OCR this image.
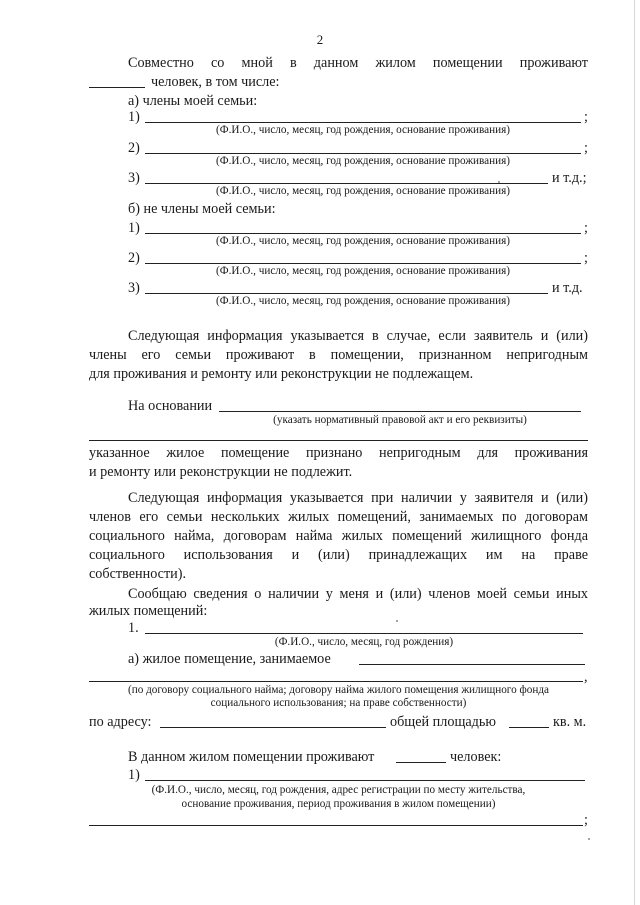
2
Совместно со мной в данном жилом помещении проживают
человек, в том числе:
а) члены моей семьи:
1)	;
(Ф.И.О., число, месяц, год рождения, основание проживания)
2)	;
(Ф.И.О., число, месяц, год рождения, основание проживания)
3)	и т.д.;
(Ф.И.О., число, месяц, год рождения, основание проживания)
б) не члены моей семьи:
1)	;
(Ф.И.О., число, месяц, год рождения, основание проживания)
2)	;
(Ф.И.О., число, месяц, год рождения, основание проживания)
3)	и т.д.
(Ф.И.О., число, месяц, год рождения, основание проживания)
Следующая информация указывается в случае, если заявитель и (или)
члены его семьи проживают в помещении, признанном непригодным
для проживания и ремонту или реконструкции не подлежащем.
На основании
(указать нормативный правовой акт и его реквизиты)
указанное жилое помещение признано непригодным для проживания
и ремонту или реконструкции не подлежит.
Следующая информация указывается при наличии у заявителя и (или)
членов его семьи нескольких жилых помещений, занимаемых по договорам
социального найма, договорам найма жилых помещений жилищного фонда
социального использования и (или) принадлежащих им на праве
собственности).
Сообщаю сведения о наличии у меня и (или) членов моей семьи иных
жилых помещений:
1.
(Ф.И.О., число, месяц, год рождения)
а) жилое помещение, занимаемое
,
(по договору социального найма; договору найма жилого помещения жилищного фонда
социального использования; на праве собственности)
по адресу:	общей площадью	кв. м.
В данном жилом помещении проживают	человек:
1)
(Ф.И.О., число, месяц, год рождения, адрес регистрации по месту жительства,
основание проживания, период проживания в жилом помещении)
;
